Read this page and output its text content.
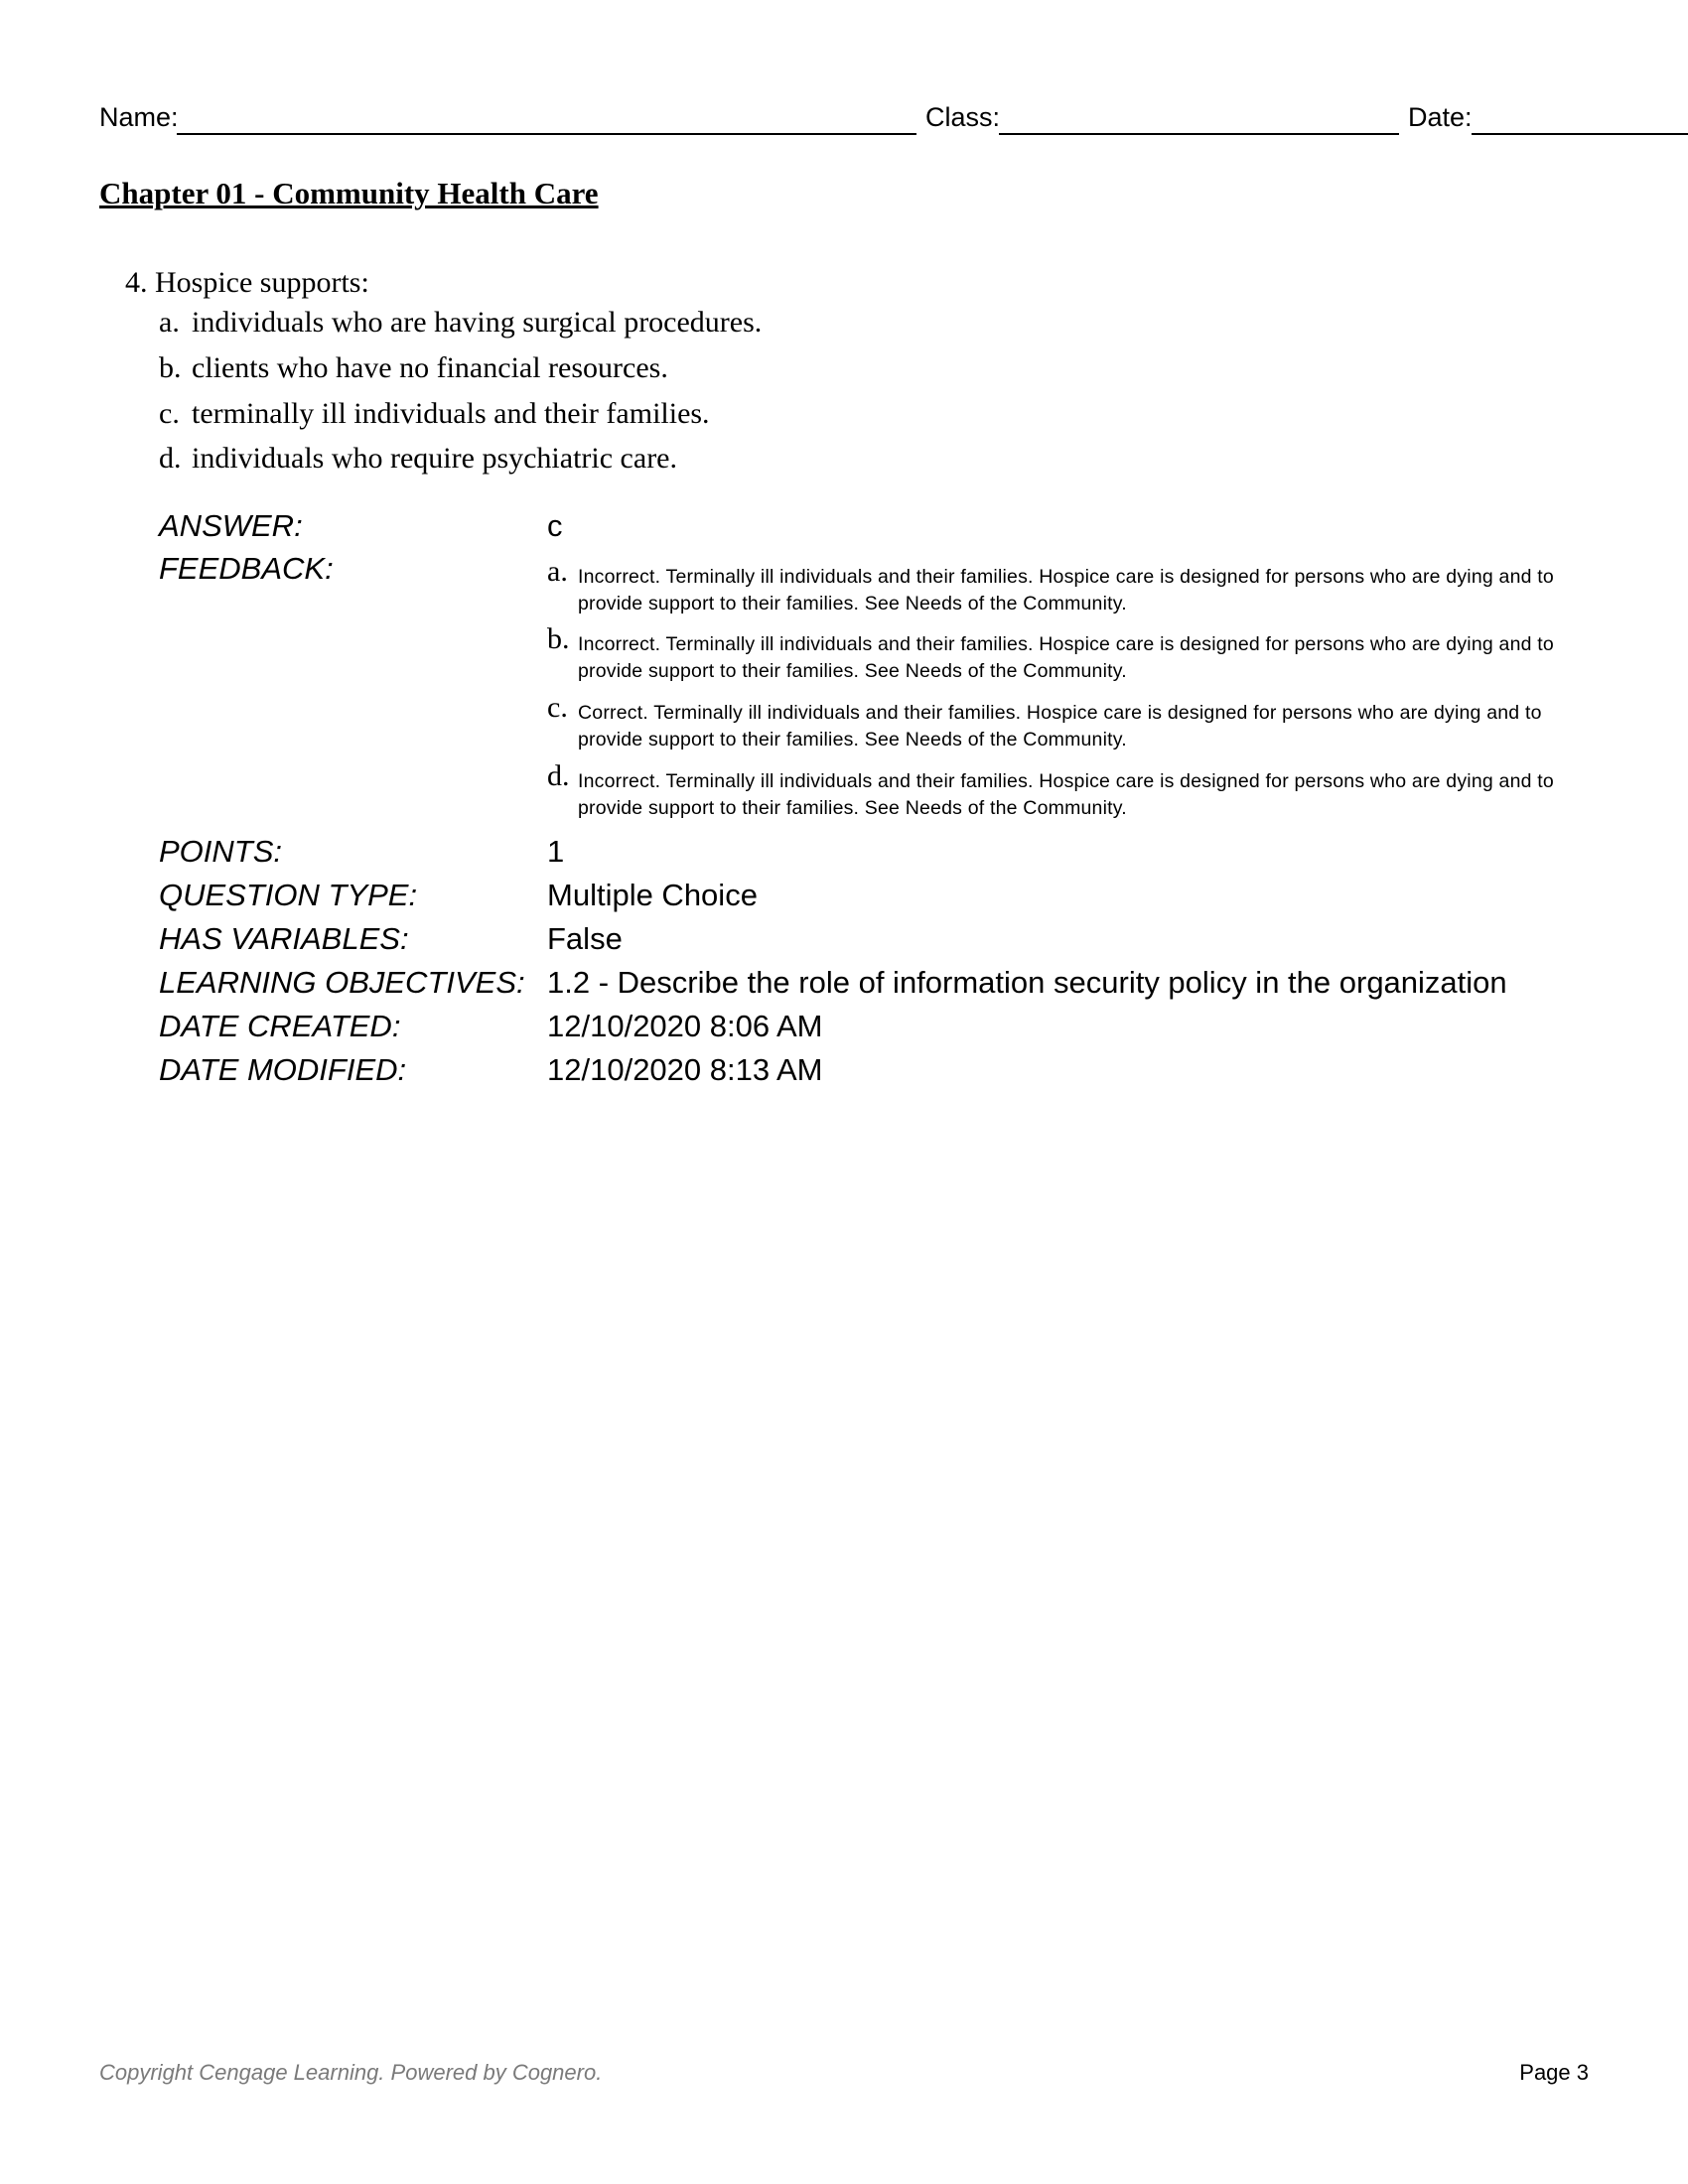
Name:	Class:	Date:
Chapter 01 - Community Health Care
4. Hospice supports:
a. individuals who are having surgical procedures.
b. clients who have no financial resources.
c. terminally ill individuals and their families.
d. individuals who require psychiatric care.
ANSWER:	c
FEEDBACK:	a. Incorrect. Terminally ill individuals and their families. Hospice care is designed for persons who are dying and to provide support to their families. See Needs of the Community.
b. Incorrect. Terminally ill individuals and their families. Hospice care is designed for persons who are dying and to provide support to their families. See Needs of the Community.
c. Correct. Terminally ill individuals and their families. Hospice care is designed for persons who are dying and to provide support to their families. See Needs of the Community.
d. Incorrect. Terminally ill individuals and their families. Hospice care is designed for persons who are dying and to provide support to their families. See Needs of the Community.
POINTS:	1
QUESTION TYPE:	Multiple Choice
HAS VARIABLES:	False
LEARNING OBJECTIVES: 1.2 - Describe the role of information security policy in the organization
DATE CREATED:	12/10/2020 8:06 AM
DATE MODIFIED:	12/10/2020 8:13 AM
Copyright Cengage Learning. Powered by Cognero.	Page 3
